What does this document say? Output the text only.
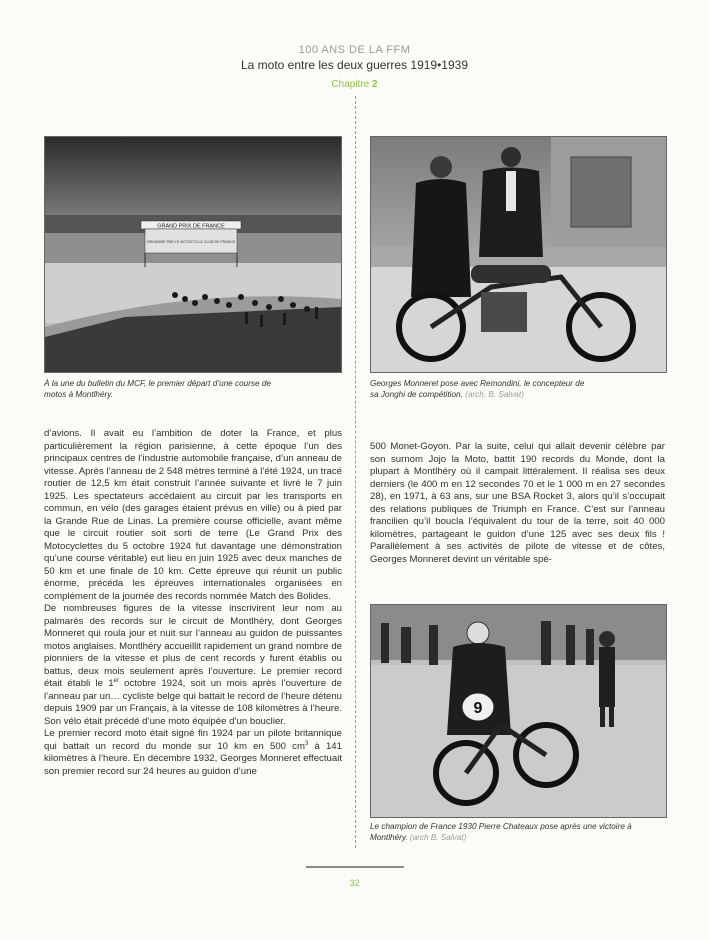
100 ANS DE LA FFM
La moto entre les deux guerres 1919•1939
Chapitre 2
GRAND PRIX DE FRANCE
ORGANISÉ PAR LE MOTOCYCLE CLUB DE FRANCE
À la une du bulletin du MCF, le premier départ d’une course de motos à Montlhéry.
Georges Monneret pose avec Remondini, le concepteur de sa Jonghi de compétition. (arch. B. Salvat)
9
Le champion de France 1930 Pierre Chateaux pose après une victoire à Montlhéry. (arch B. Salvat)

d’avions. Il avait eu l’ambition de doter la France, et plus particulièrement la région parisienne, à cette époque l’un des principaux centres de l’industrie automobile française, d’un anneau de vitesse. Après l’anneau de 2 548 mètres terminé à l’été 1924, un tracé routier de 12,5 km était construit l’année suivante et livré le 7 juin 1925. Les spectateurs accédaient au circuit par les transports en commun, en vélo (des garages étaient prévus en ville) ou à pied par la Grande Rue de Linas. La première course officielle, avant même que le circuit routier soit sorti de terre (Le Grand Prix des Motocyclettes du 5 octobre 1924 fut davantage une démonstration qu’une course véritable) eut lieu en juin 1925 avec deux manches de 50 km et une finale de 10 km. Cette épreuve qui réunit un public énorme, précéda les épreuves internationales organisées en complément de la journée des records nommée Match des Bolides.

De nombreuses figures de la vitesse inscrivirent leur nom au palmarès des records sur le circuit de Montlhéry, dont Georges Monneret qui roula jour et nuit sur l’anneau au guidon de puissantes motos anglaises. Montlhéry accueillit rapidement un grand nombre de pionniers de la vitesse et plus de cent records y furent établis ou battus, deux mois seulement après l’ouverture. Le premier record était établi le 1er octobre 1924, soit un mois après l’ouverture de l’anneau par un… cycliste belge qui battait le record de l’heure détenu depuis 1909 par un Français, à la vitesse de 108 kilomètres à l’heure. Son vélo était précédé d’une moto équipée d’un bouclier.

Le premier record moto était signé fin 1924 par un pilote britannique qui battait un record du monde sur 10 km en 500 $cm^3$ à 141 kilomètres à l’heure. En décembre 1932, Georges Monneret effectuait son premier record sur 24 heures au guidon d’une

500 Monet-Goyon. Par la suite, celui qui allait devenir célèbre par son surnom Jojo la Moto, battit 190 records du Monde, dont la plupart à Montlhéry où il campait littéralement. Il réalisa ses deux derniers (le 400 m en 12 secondes 70 et le 1 000 m en 27 secondes 28), en 1971, à 63 ans, sur une BSA Rocket 3, alors qu’il s’occupait des relations publiques de Triumph en France. C’est sur l’anneau francilien qu’il boucla l’équivalent du tour de la terre, soit 40 000 kilomètres, partageant le guidon d’une 125 avec ses deux fils ! Parallèlement à ses activités de pilote de vitesse et de côtes, Georges Monneret devint un véritable spé-

32
